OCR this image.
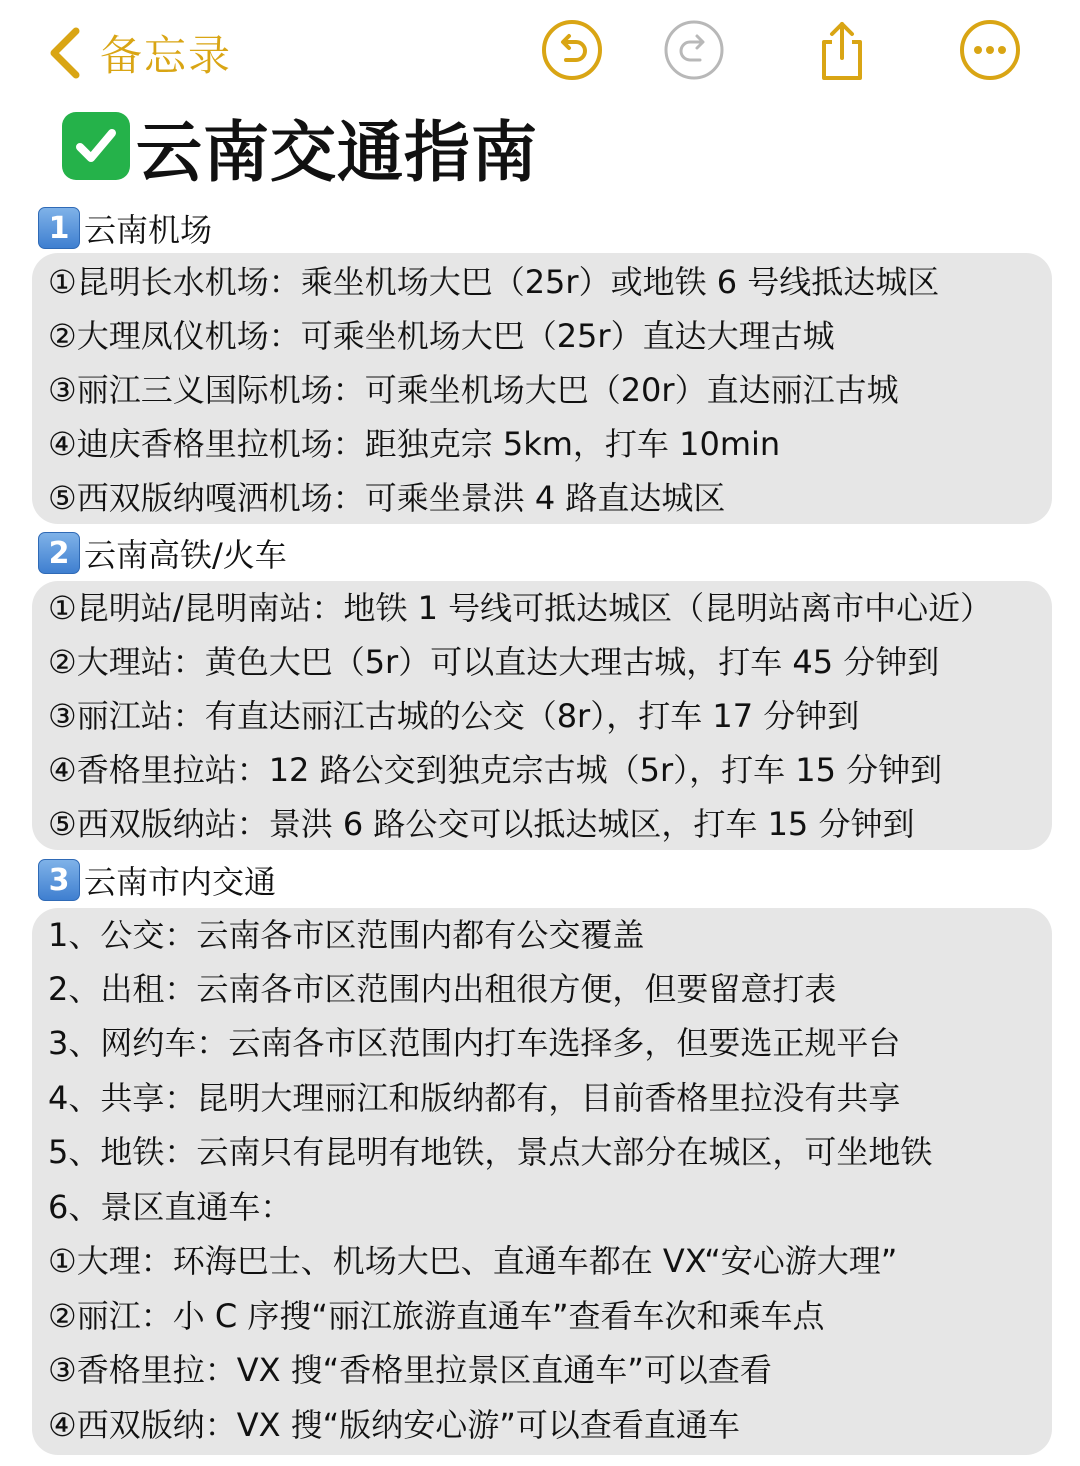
备忘录
云南交通指南
1 云南机场
①昆明长水机场：乘坐机场大巴（25r）或地铁 6 号线抵达城区
②大理凤仪机场：可乘坐机场大巴（25r）直达大理古城
③丽江三义国际机场：可乘坐机场大巴（20r）直达丽江古城
④迪庆香格里拉机场：距独克宗 5km，打车 10min
⑤西双版纳嘎洒机场：可乘坐景洪 4 路直达城区
2 云南高铁/火车
①昆明站/昆明南站：地铁 1 号线可抵达城区（昆明站离市中心近）
②大理站：黄色大巴（5r）可以直达大理古城，打车 45 分钟到
③丽江站：有直达丽江古城的公交（8r），打车 17 分钟到
④香格里拉站：12 路公交到独克宗古城（5r），打车 15 分钟到
⑤西双版纳站：景洪 6 路公交可以抵达城区，打车 15 分钟到
3 云南市内交通
1、公交：云南各市区范围内都有公交覆盖
2、出租：云南各市区范围内出租很方便，但要留意打表
3、网约车：云南各市区范围内打车选择多，但要选正规平台
4、共享：昆明大理丽江和版纳都有，目前香格里拉没有共享
5、地铁：云南只有昆明有地铁，景点大部分在城区，可坐地铁
6、景区直通车：
①大理：环海巴士、机场大巴、直通车都在 VX“安心游大理”
②丽江：小 C 序搜“丽江旅游直通车”查看车次和乘车点
③香格里拉：VX 搜“香格里拉景区直通车”可以查看
④西双版纳：VX 搜“版纳安心游”可以查看直通车
